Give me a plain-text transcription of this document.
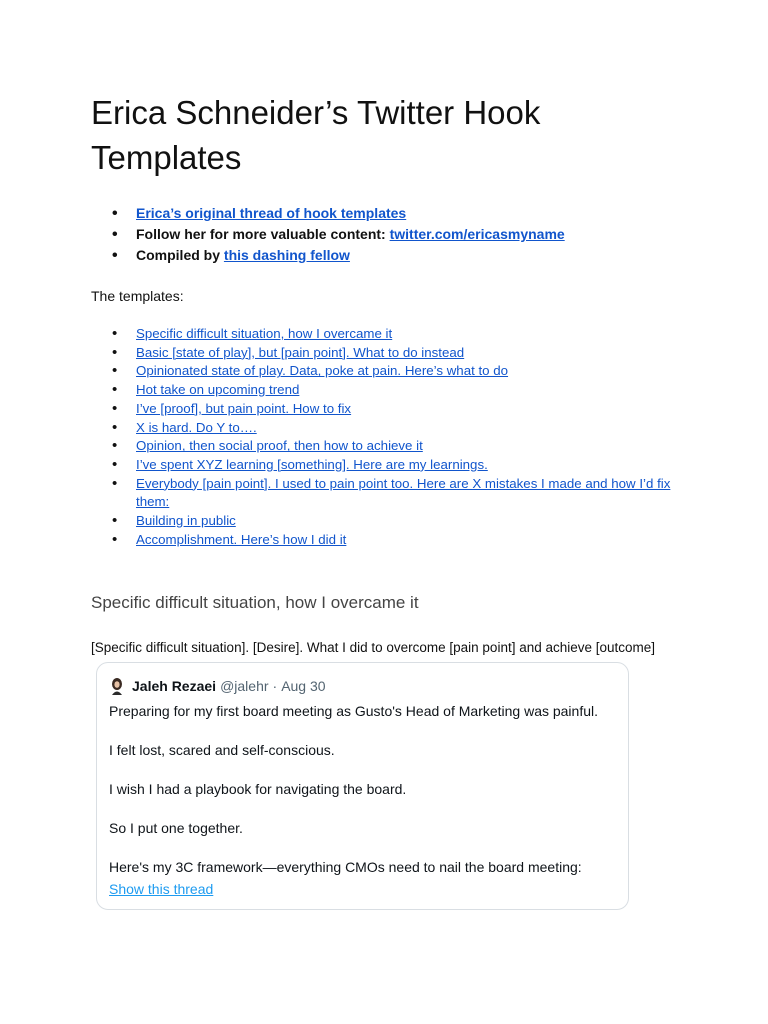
Erica Schneider’s Twitter Hook Templates
• Erica’s original thread of hook templates
• Follow her for more valuable content: twitter.com/ericasmyname
• Compiled by this dashing fellow
The templates:
• Specific difficult situation, how I overcame it
• Basic [state of play], but [pain point]. What to do instead
• Opinionated state of play. Data, poke at pain. Here’s what to do
• Hot take on upcoming trend
• I’ve [proof], but pain point. How to fix
• X is hard. Do Y to….
• Opinion, then social proof, then how to achieve it
• I’ve spent XYZ learning [something]. Here are my learnings.
• Everybody [pain point]. I used to pain point too. Here are X mistakes I made and how I’d fix them:
• Building in public
• Accomplishment. Here’s how I did it
Specific difficult situation, how I overcame it
[Specific difficult situation]. [Desire]. What I did to overcome [pain point] and achieve [outcome]
Jaleh Rezaei @jalehr · Aug 30

Preparing for my first board meeting as Gusto's Head of Marketing was painful.

I felt lost, scared and self-conscious.

I wish I had a playbook for navigating the board.

So I put one together.

Here's my 3C framework—everything CMOs need to nail the board meeting:

Show this thread
